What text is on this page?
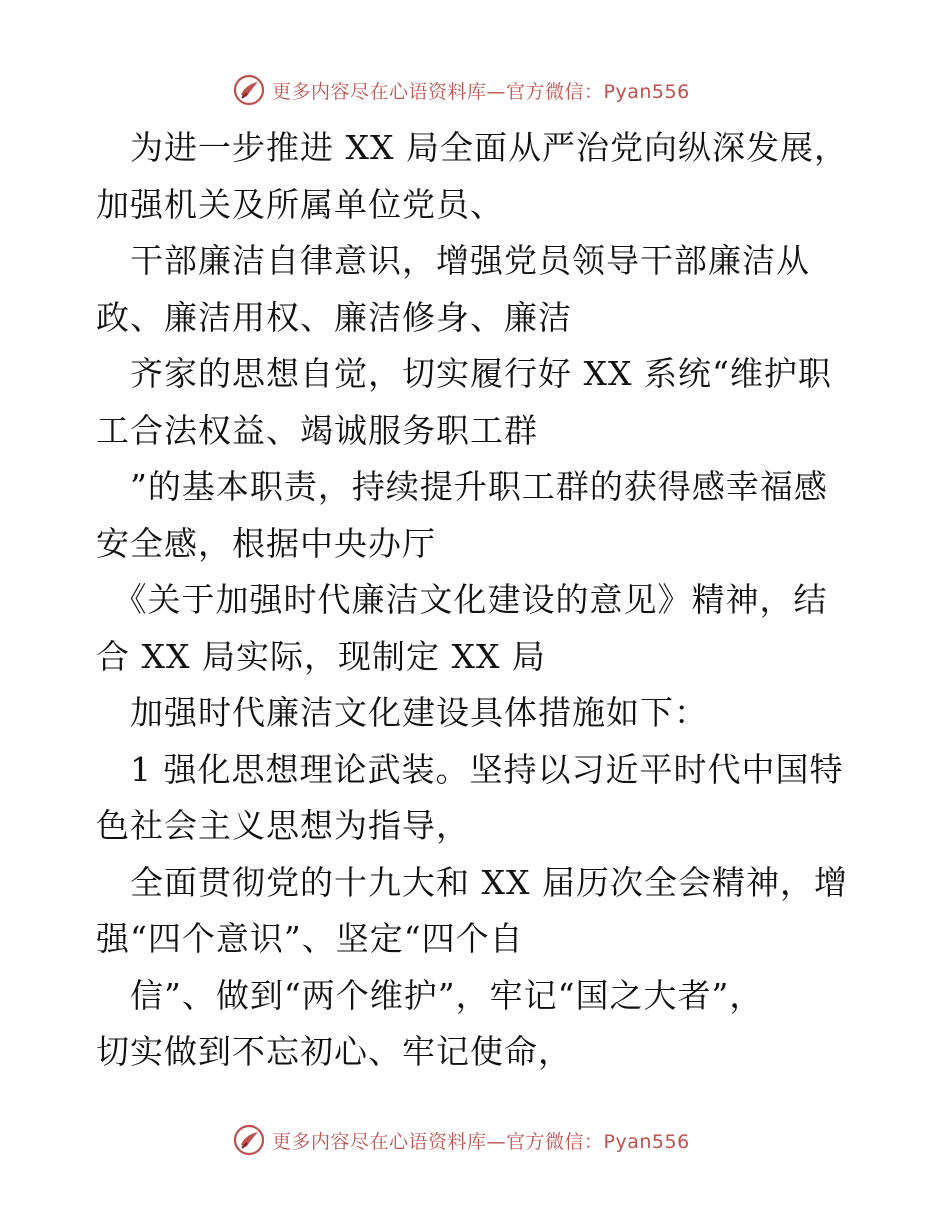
更多内容尽在心语资料库—官方微信：Pyan556

　为进一步推进 XX 局全面从严治党向纵深发展，

加强机关及所属单位党员、

　干部廉洁自律意识，增强党员领导干部廉洁从

政、廉洁用权、廉洁修身、廉洁

　齐家的思想自觉，切实履行好 XX 系统“维护职

工合法权益、竭诚服务职工群

　”的基本职责，持续提升职工群的获得感幸福感

安全感，根据中央办厅

　《关于加强时代廉洁文化建设的意见》精神，结

合 XX 局实际，现制定 XX 局

　加强时代廉洁文化建设具体措施如下：

　1 强化思想理论武装。坚持以习近平时代中国特

色社会主义思想为指导，

　全面贯彻党的十九大和 XX 届历次全会精神，增

强“四个意识”、坚定“四个自

　信”、做到“两个维护”，牢记“国之大者”，

切实做到不忘初心、牢记使命，

更多内容尽在心语资料库—官方微信：Pyan556
